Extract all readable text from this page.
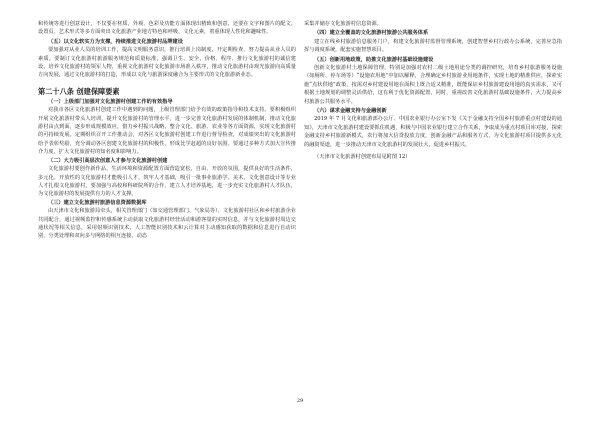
和传统等进行创意设计，不仅要在材质、外观、色彩及功能方面体现出精致和创意，还要在文字和图片的配文、设置页、艺术形式等多方面突出文化旅游产业地方特色和呼吸，文化元素，着重体现人性化和趣味性。

（五）以文化软实力为支撑，持续推进文化旅游村品牌建设

要加强对从业人员的培训工作，提高文明服务意识，推行培训上岗制度，开定期检查，努力提高从业人员的素质。要制订文化旅游村旅游服务规范和质量标准，强调卫生、安全、价格、程序、推行文化旅游村的诚信建设、培养文化旅游村的领军人物，重视文化旅游村文化旅游市场准入秩序，推动文化旅游村由观光旅游向高质量方向发展，通过文化旅游村的打造，形成以文化与旅游深度融合为主要形式的文化旅游新业态。

第二十八条 创建保障要素

（一）上级部门加强对文化旅游村创建工作的有效指导

对我市各区文化旅游村创建工作中遇到的问题，上级管理部门给予有效的政策指导和技术支持。要积极组织开展文化旅游村带头人培训，提升文化旅游村的管理水平，进一步完善文化旅游村发展的体制机制，推动文化旅游村由点到面，逐步形成规模效应，借力乡村振兴战略，整合文化、旅游、农业等各方面资源，实现文化旅游村的可持续发展。定期组织召开工作推动会，对各区文化旅游村创建工作进行督导检查，对成绩突出的文化旅游村给予表彰奖励，充分调动各区创建文化旅游村的积极性，形成比学赶超的良好氛围。要通过多种方式加大宣传推介力度，扩大文化旅游村的知名度和影响力。

（二）大力吸引高层次创意人才参与文化旅游村创建

文化旅游村要创作新作品、生活环境和资源配置方面营造宽松、自由、开放的氛围，提供良好的生活条件，多元化、开放性的文化旅游村才能吸引人才，筑牢人才基础，吸引一批事业旅游学、美术、文化创意设计等专业人才扎根文化旅游村，要加强与高校和科研院所的合作，建立人才培养基地，进一步充实文化旅游村人才队伍，为文化旅游村的发展提供有力的人才支撑。

（三）建立文化旅游村旅游信息资源数据库

由天津市文化和旅游局牵头，相关管理部门（如交通管理部门、气象局等）、文化旅游村社区和乡村旅游企业共同配合，通过视频监控和传感系统主动获取文化旅游村经营活动和游客量的实时信息，并与文化旅游村周边交通状况等相关信息，采用射频识别技术、人工智能识别技术和云计算对主动感知获取的数据和信息进行自动识别、分类处理和双向多与网络的相互连接，动态

采集并储存文化旅游村信息资源。

（四）建立全覆盖的文化旅游村旅游公共服务体系

建立在线乡村旅游信息服务门户，构建文化旅游村监督管理系统，创建智慧乡村行政办公系统，完善应急指挥与调度系统，配套实施智慧项目。

（五）创新用地政策，助推文化旅游村基础设施建设

创新文化旅游村土地保障管理，特别是加强对农村二级土地用途分类的调控研究，培育乡村旅游服务设施（如厕所、停车场等）“设施农用地”中加以解释，合理确定乡村旅游业用地条件，实现土地的精准供应，探索实施“点状供地”政策，按需对乡村建设用地在面积上既合适又精准，既能保证乡村旅游建设用地的真实需求，又可根据土地规划的调整灵活供给，这有利于优化资源配置，同时，重视改善文化旅游村基础设施条件，大力提高乡村旅游公共服务水平。

（六）谋求金融支持与金融创新

2019 年 7 月文化和旅游部办公厅、中国农业银行办公室下发《关于金融支持全国乡村旅游重点村建设的通知》，天津市文化旅游村建设要抓住机遇，积极与中国农业银行建立合作关系，争取成为重点村项目库对接，探索金融支持乡村旅游新模式，农行将加大信贷投放力度，创新金融产品和服务方式，为文化旅游村项目提供多元化的融资渠道，进一步推动天津市文化旅游村的发展壮大，促进乡村振兴。

（天津市文化旅游村创建布局见附图 12）

29
